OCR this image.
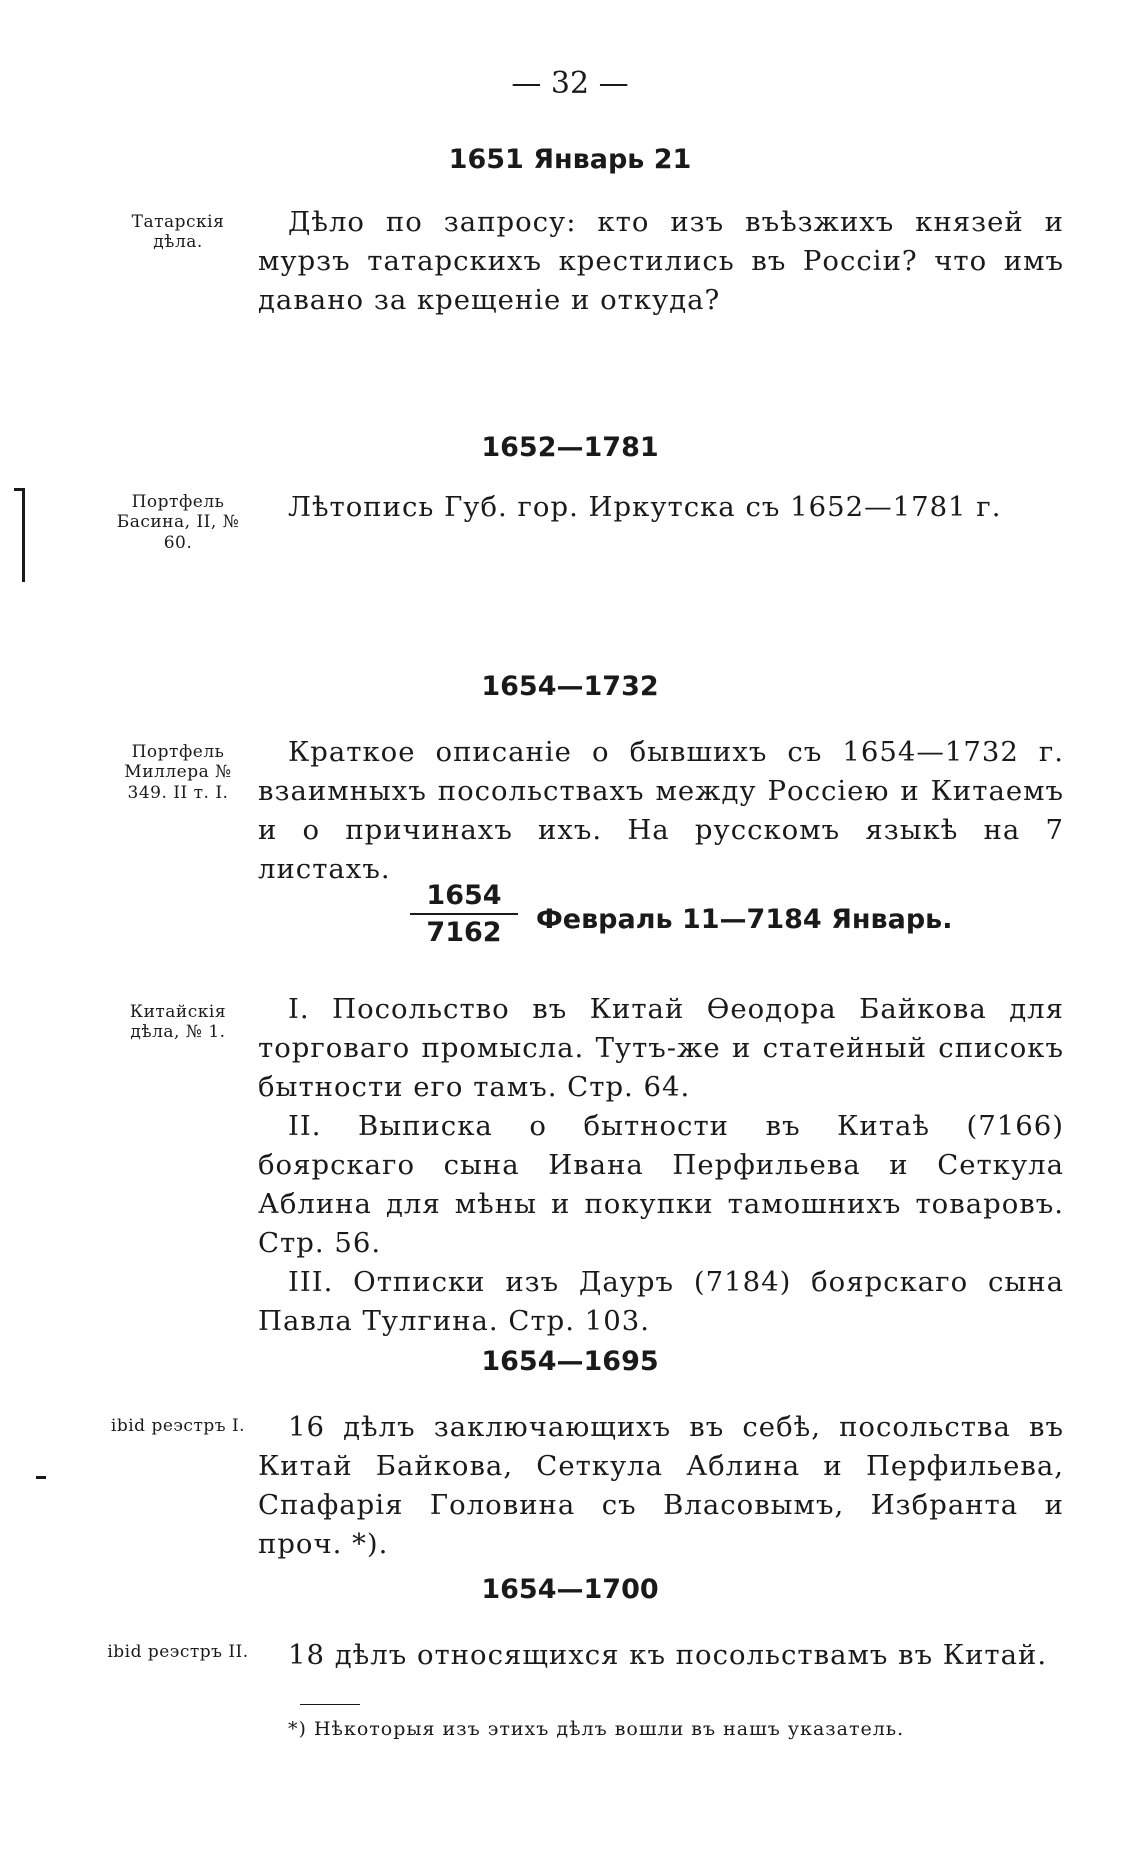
— 32 —
1651 Январь 21
Татарскія дѣла.

Дѣло по запросу: кто изъ въѣзжихъ князей и мурзъ татарскихъ крестились въ Россіи? что имъ давано за крещеніе и откуда?

1652—1781
Портфель Басина, II, № 60.

Лѣтопись Губ. гор. Иркутска съ 1652—1781 г.

1654—1732
Портфель Миллера № 349. II т. I.

Краткое описаніе о бывшихъ съ 1654—1732 г. взаимныхъ посольствахъ между Россіею и Китаемъ и о причинахъ ихъ. На русскомъ языкѣ на 7 листахъ.

$\frac{1654}{7162}$ Февраль 11—7184 Январь.
Китайскія дѣла, № 1.

I. Посольство въ Китай Ѳеодора Байкова для торговаго промысла. Тутъ-же и статейный списокъ бытности его тамъ. Стр. 64.

II. Выписка о бытности въ Китаѣ (7166) боярскаго сына Ивана Перфильева и Сеткула Аблина для мѣны и покупки тамошнихъ товаровъ. Стр. 56.

III. Отписки изъ Дауръ (7184) боярскаго сына Павла Тулгина. Стр. 103.

1654—1695
ibid реэстръ I.	16 дѣлъ заключающихъ въ себѣ, посольства въ Китай Байкова, Сеткула Аблина и Перфильева, Спафарія Головина съ Власовымъ, Избранта и проч. *).

1654—1700
ibid реэстръ II.	18 дѣлъ относящихся къ посольствамъ въ Китай.

*) Нѣкоторыя изъ этихъ дѣлъ вошли въ нашъ указатель.
